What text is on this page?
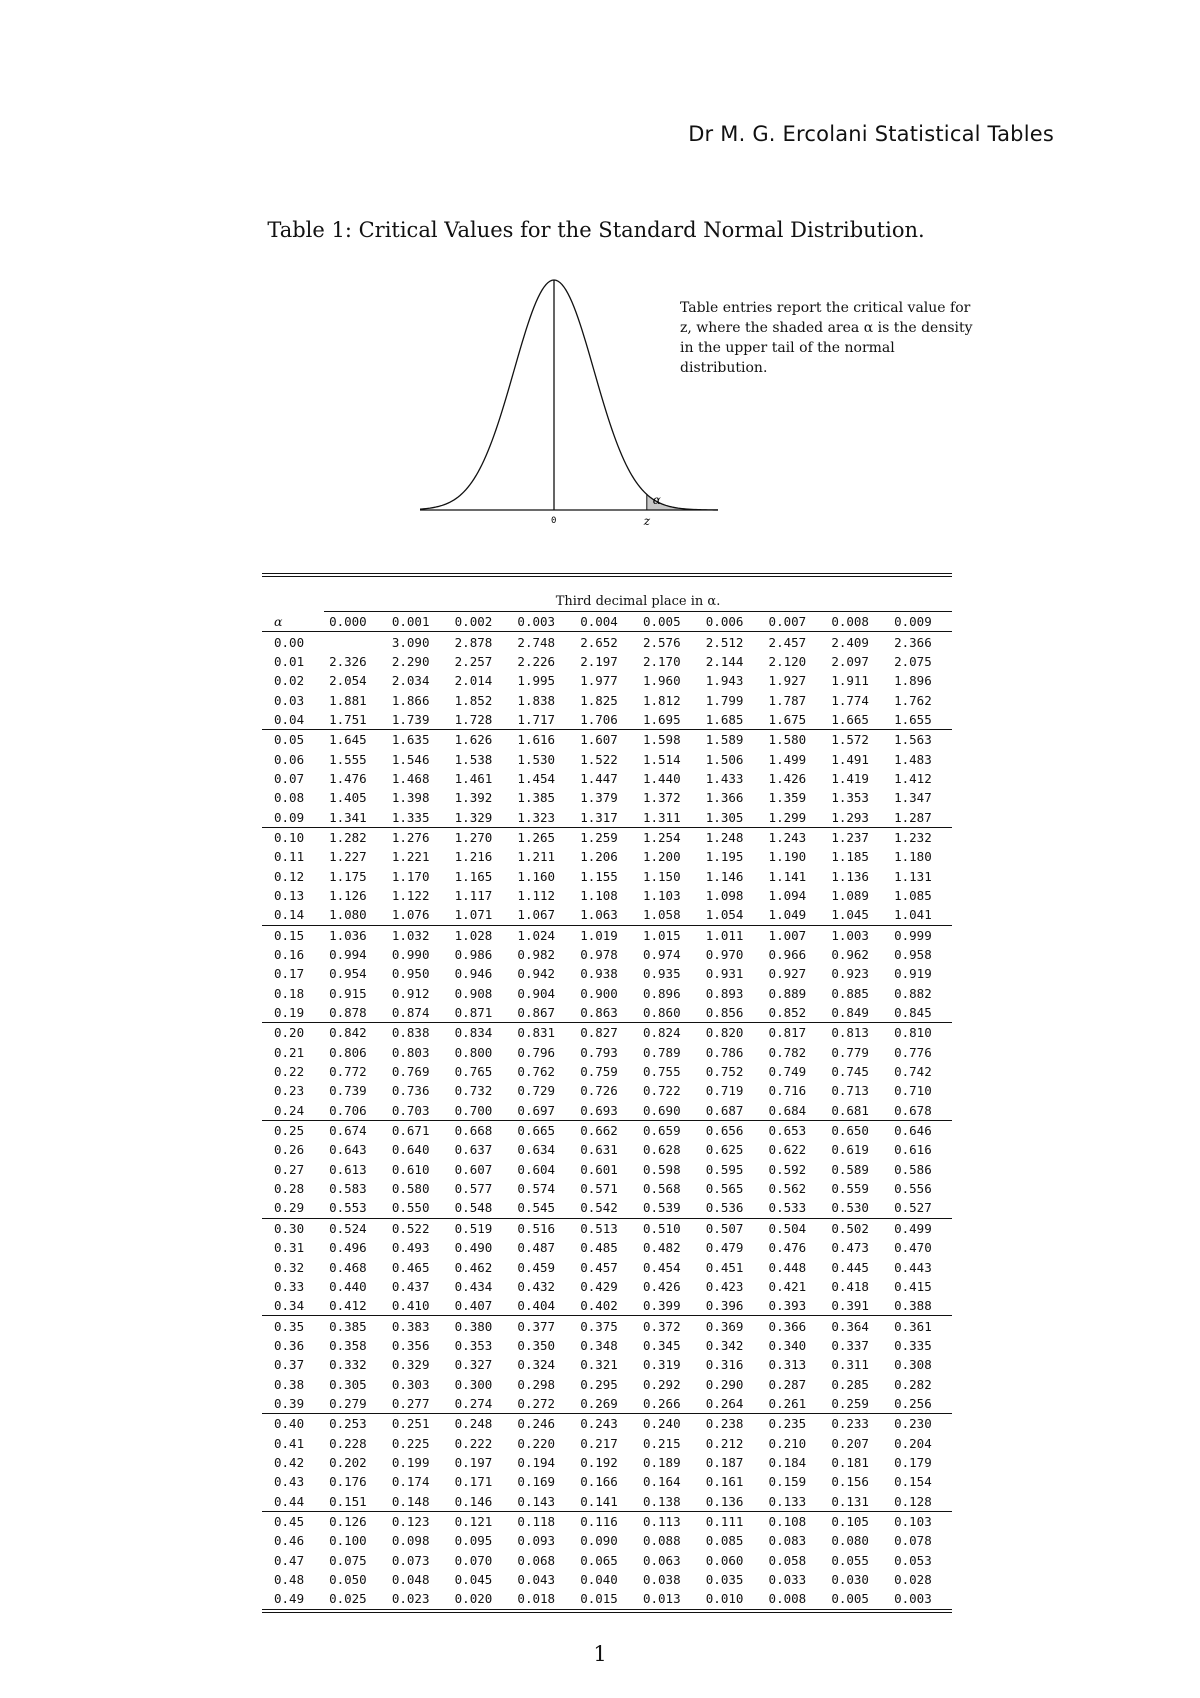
Dr M. G. Ercolani Statistical Tables
Table 1: Critical Values for the Standard Normal Distribution.
α
0	z
Table entries report the critical value for z, where the shaded area α is the density in the upper tail of the normal distribution.
	Third decimal place in α.									
α	0.000	0.001	0.002	0.003	0.004	0.005	0.006	0.007	0.008	0.009
0.00		3.090	2.878	2.748	2.652	2.576	2.512	2.457	2.409	2.366
0.01	2.326	2.290	2.257	2.226	2.197	2.170	2.144	2.120	2.097	2.075
0.02	2.054	2.034	2.014	1.995	1.977	1.960	1.943	1.927	1.911	1.896
0.03	1.881	1.866	1.852	1.838	1.825	1.812	1.799	1.787	1.774	1.762
0.04	1.751	1.739	1.728	1.717	1.706	1.695	1.685	1.675	1.665	1.655
0.05	1.645	1.635	1.626	1.616	1.607	1.598	1.589	1.580	1.572	1.563
0.06	1.555	1.546	1.538	1.530	1.522	1.514	1.506	1.499	1.491	1.483
0.07	1.476	1.468	1.461	1.454	1.447	1.440	1.433	1.426	1.419	1.412
0.08	1.405	1.398	1.392	1.385	1.379	1.372	1.366	1.359	1.353	1.347
0.09	1.341	1.335	1.329	1.323	1.317	1.311	1.305	1.299	1.293	1.287
0.10	1.282	1.276	1.270	1.265	1.259	1.254	1.248	1.243	1.237	1.232
0.11	1.227	1.221	1.216	1.211	1.206	1.200	1.195	1.190	1.185	1.180
0.12	1.175	1.170	1.165	1.160	1.155	1.150	1.146	1.141	1.136	1.131
0.13	1.126	1.122	1.117	1.112	1.108	1.103	1.098	1.094	1.089	1.085
0.14	1.080	1.076	1.071	1.067	1.063	1.058	1.054	1.049	1.045	1.041
0.15	1.036	1.032	1.028	1.024	1.019	1.015	1.011	1.007	1.003	0.999
0.16	0.994	0.990	0.986	0.982	0.978	0.974	0.970	0.966	0.962	0.958
0.17	0.954	0.950	0.946	0.942	0.938	0.935	0.931	0.927	0.923	0.919
0.18	0.915	0.912	0.908	0.904	0.900	0.896	0.893	0.889	0.885	0.882
0.19	0.878	0.874	0.871	0.867	0.863	0.860	0.856	0.852	0.849	0.845
0.20	0.842	0.838	0.834	0.831	0.827	0.824	0.820	0.817	0.813	0.810
0.21	0.806	0.803	0.800	0.796	0.793	0.789	0.786	0.782	0.779	0.776
0.22	0.772	0.769	0.765	0.762	0.759	0.755	0.752	0.749	0.745	0.742
0.23	0.739	0.736	0.732	0.729	0.726	0.722	0.719	0.716	0.713	0.710
0.24	0.706	0.703	0.700	0.697	0.693	0.690	0.687	0.684	0.681	0.678
0.25	0.674	0.671	0.668	0.665	0.662	0.659	0.656	0.653	0.650	0.646
0.26	0.643	0.640	0.637	0.634	0.631	0.628	0.625	0.622	0.619	0.616
0.27	0.613	0.610	0.607	0.604	0.601	0.598	0.595	0.592	0.589	0.586
0.28	0.583	0.580	0.577	0.574	0.571	0.568	0.565	0.562	0.559	0.556
0.29	0.553	0.550	0.548	0.545	0.542	0.539	0.536	0.533	0.530	0.527
0.30	0.524	0.522	0.519	0.516	0.513	0.510	0.507	0.504	0.502	0.499
0.31	0.496	0.493	0.490	0.487	0.485	0.482	0.479	0.476	0.473	0.470
0.32	0.468	0.465	0.462	0.459	0.457	0.454	0.451	0.448	0.445	0.443
0.33	0.440	0.437	0.434	0.432	0.429	0.426	0.423	0.421	0.418	0.415
0.34	0.412	0.410	0.407	0.404	0.402	0.399	0.396	0.393	0.391	0.388
0.35	0.385	0.383	0.380	0.377	0.375	0.372	0.369	0.366	0.364	0.361
0.36	0.358	0.356	0.353	0.350	0.348	0.345	0.342	0.340	0.337	0.335
0.37	0.332	0.329	0.327	0.324	0.321	0.319	0.316	0.313	0.311	0.308
0.38	0.305	0.303	0.300	0.298	0.295	0.292	0.290	0.287	0.285	0.282
0.39	0.279	0.277	0.274	0.272	0.269	0.266	0.264	0.261	0.259	0.256
0.40	0.253	0.251	0.248	0.246	0.243	0.240	0.238	0.235	0.233	0.230
0.41	0.228	0.225	0.222	0.220	0.217	0.215	0.212	0.210	0.207	0.204
0.42	0.202	0.199	0.197	0.194	0.192	0.189	0.187	0.184	0.181	0.179
0.43	0.176	0.174	0.171	0.169	0.166	0.164	0.161	0.159	0.156	0.154
0.44	0.151	0.148	0.146	0.143	0.141	0.138	0.136	0.133	0.131	0.128
0.45	0.126	0.123	0.121	0.118	0.116	0.113	0.111	0.108	0.105	0.103
0.46	0.100	0.098	0.095	0.093	0.090	0.088	0.085	0.083	0.080	0.078
0.47	0.075	0.073	0.070	0.068	0.065	0.063	0.060	0.058	0.055	0.053
0.48	0.050	0.048	0.045	0.043	0.040	0.038	0.035	0.033	0.030	0.028
0.49	0.025	0.023	0.020	0.018	0.015	0.013	0.010	0.008	0.005	0.003
1
